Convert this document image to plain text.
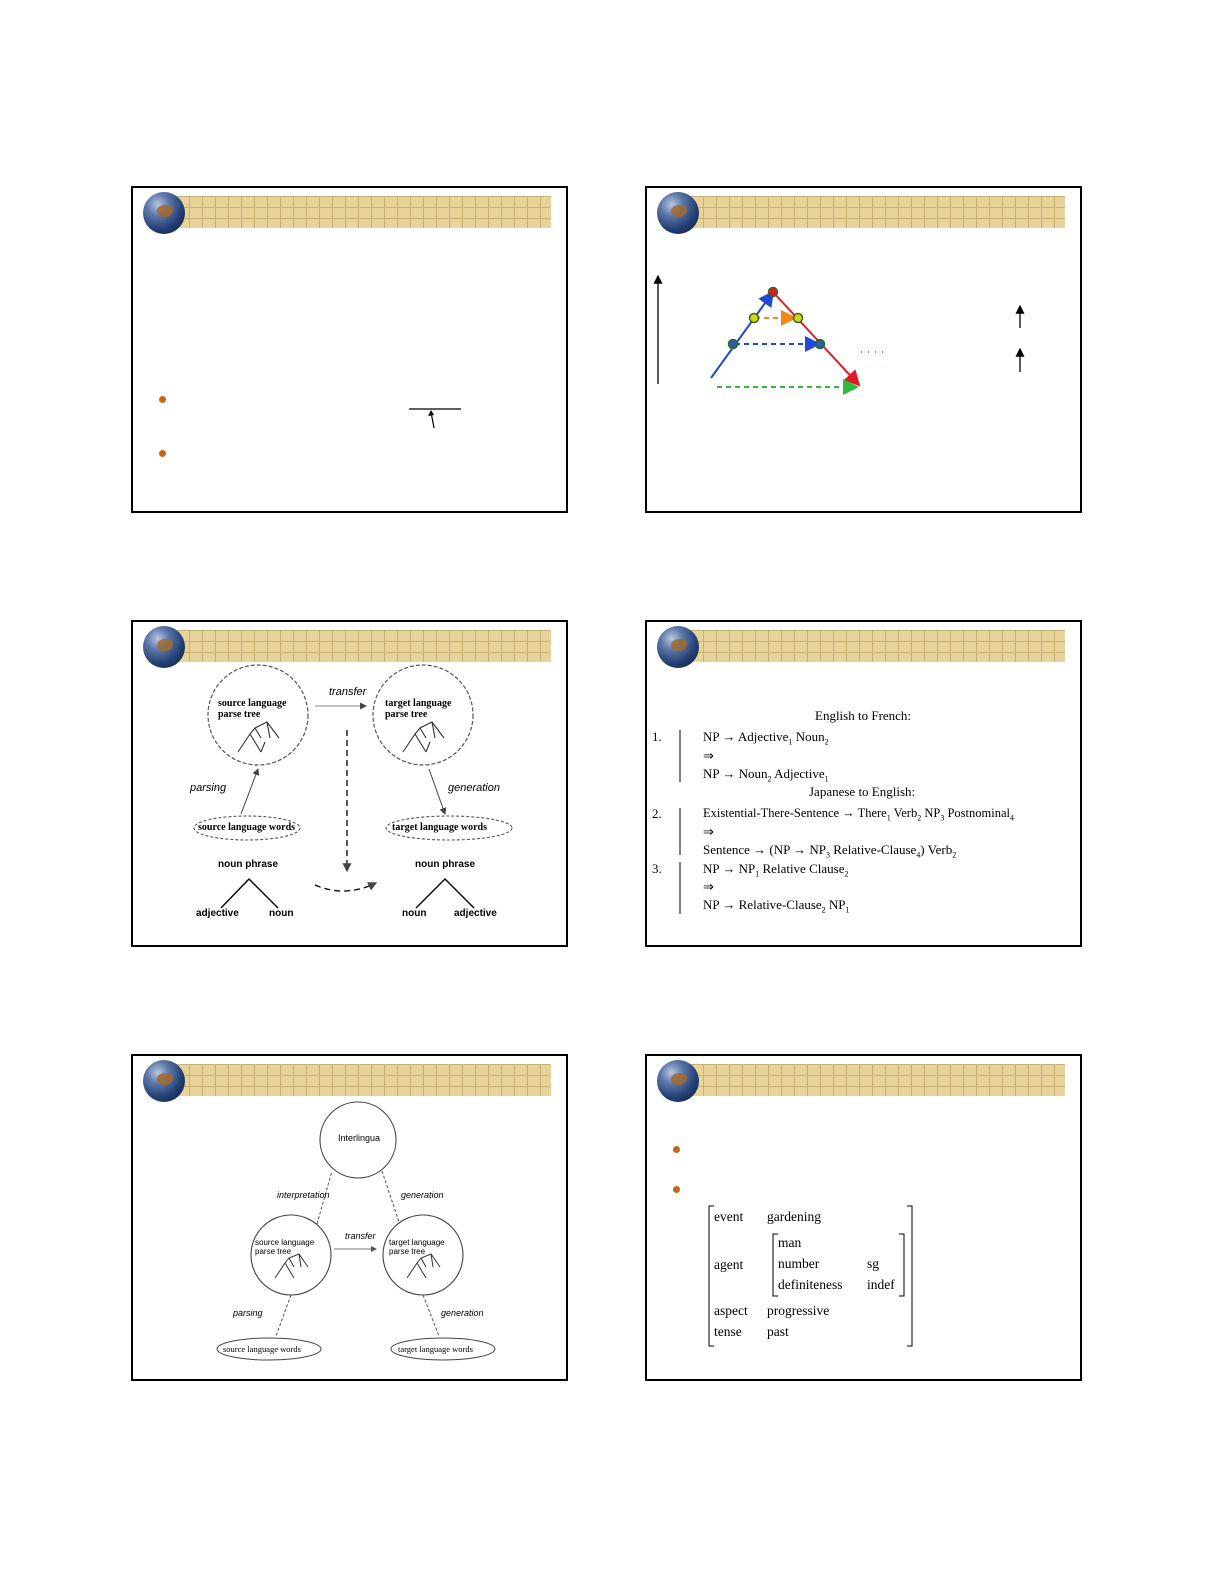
source language parse tree
target language parse tree
transfer
parsing	generation
source language words	target language words
noun phrase	noun phrase
adjective	noun	noun	adjective
English to French:
1.	NP → Adjective$_1$ Noun$_2$
⇒
NP → Noun$_2$ Adjective$_1$
Japanese to English:
2.	Existential-There-Sentence → There$_1$ Verb$_2$ $NP_3$ Postnominal$_4$
⇒
Sentence → ($NP \to NP_3$ Relative-Clause$_4$) Verb$_2$
3.	NP → $NP_1$ Relative Clause$_2$
⇒
NP → Relative-Clause$_2$ $NP_1$
Interlingua
interpretation	generation
source language parse tree
target language parse tree
transfer
parsing	generation
source language words	target language words
event gardening
agent
man
number	sg
definiteness indef
aspect progressive
tense past
